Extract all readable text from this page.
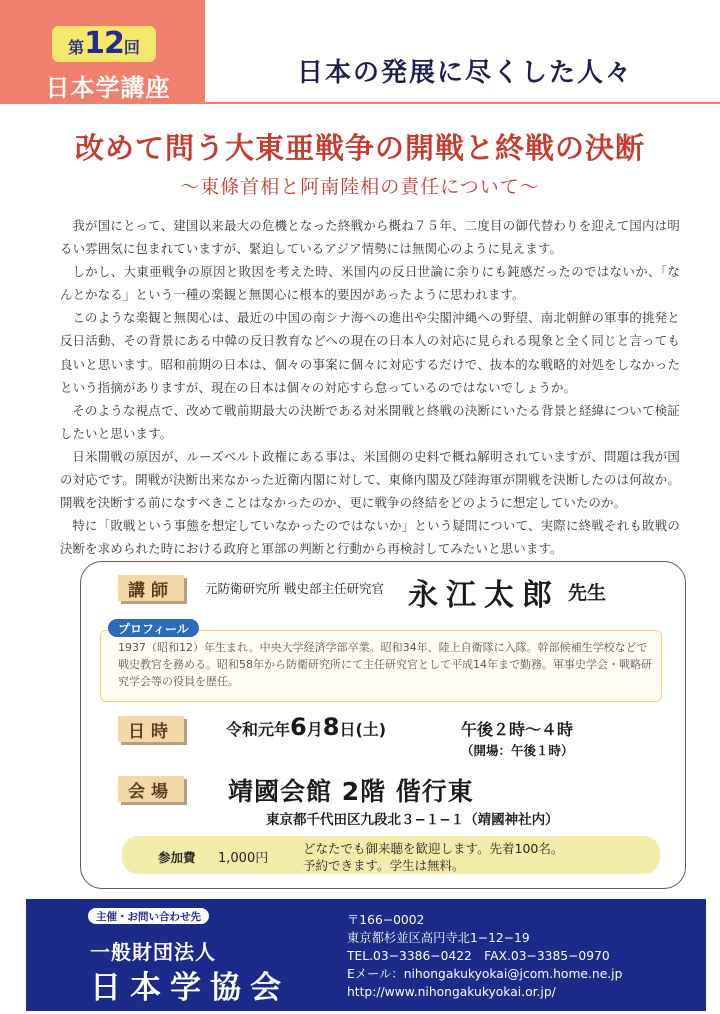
第 12 回
日本学講座	日本の発展に尽くした人々
改めて問う大東亜戦争の開戦と終戦の決断
〜東條首相と阿南陸相の責任について〜

我が国にとって、建国以来最大の危機となった終戦から概ね７５年、二度目の御代替わりを迎えて国内は明るい雰囲気に包まれていますが、緊迫しているアジア情勢には無関心のように見えます。

しかし、大東亜戦争の原因と敗因を考えた時、米国内の反日世論に余りにも鈍感だったのではないか、「なんとかなる」という一種の楽観と無関心に根本的要因があったように思われます。

このような楽観と無関心は、最近の中国の南シナ海への進出や尖閣沖縄への野望、南北朝鮮の軍事的挑発と反日活動、その背景にある中韓の反日教育などへの現在の日本人の対応に見られる現象と全く同じと言っても良いと思います。昭和前期の日本は、個々の事案に個々に対応するだけで、抜本的な戦略的対処をしなかったという指摘がありますが、現在の日本は個々の対応すら怠っているのではないでしょうか。

そのような視点で、改めて戦前期最大の決断である対米開戦と終戦の決断にいたる背景と経緯について検証したいと思います。

日米開戦の原因が、ルーズベルト政権にある事は、米国側の史料で概ね解明されていますが、問題は我が国の対応です。開戦が決断出来なかった近衛内閣に対して、東條内閣及び陸海軍が開戦を決断したのは何故か。開戦を決断する前になすべきことはなかったのか、更に戦争の終結をどのように想定していたのか。

特に「敗戦という事態を想定していなかったのではないか」という疑問について、実際に終戦それも敗戦の決断を求められた時における政府と軍部の判断と行動から再検討してみたいと思います。

講師	元防衛研究所 戦史部主任研究官 永江太郎 先生
プロフィール
1937（昭和12）年生まれ。中央大学経済学部卒業。昭和34年、陸上自衛隊に入隊。幹部候補生学校などで戦史教官を務める。昭和58年から防衛研究所にて主任研究官として平成14年まで勤務。軍事史学会・戦略研究学会等の役員を歴任。
日時	令和元年6月8日(土)	午後２時〜４時
（開場：午後１時）
会場	靖國会館 2階 偕行東
東京都千代田区九段北３−１−１（靖國神社内）
参加費 1,000円
どなたでも御来聴を歓迎します。先着100名。
予約できます。学生は無料。
主催・お問い合わせ先
一般財団法人
日本学協会
〒166−0002
東京都杉並区高円寺北1−12−19
TEL.03−3386−0422　FAX.03−3385−0970
Eメール：nihongakukyokai@jcom.home.ne.jp
http://www.nihongakukyokai.or.jp/
